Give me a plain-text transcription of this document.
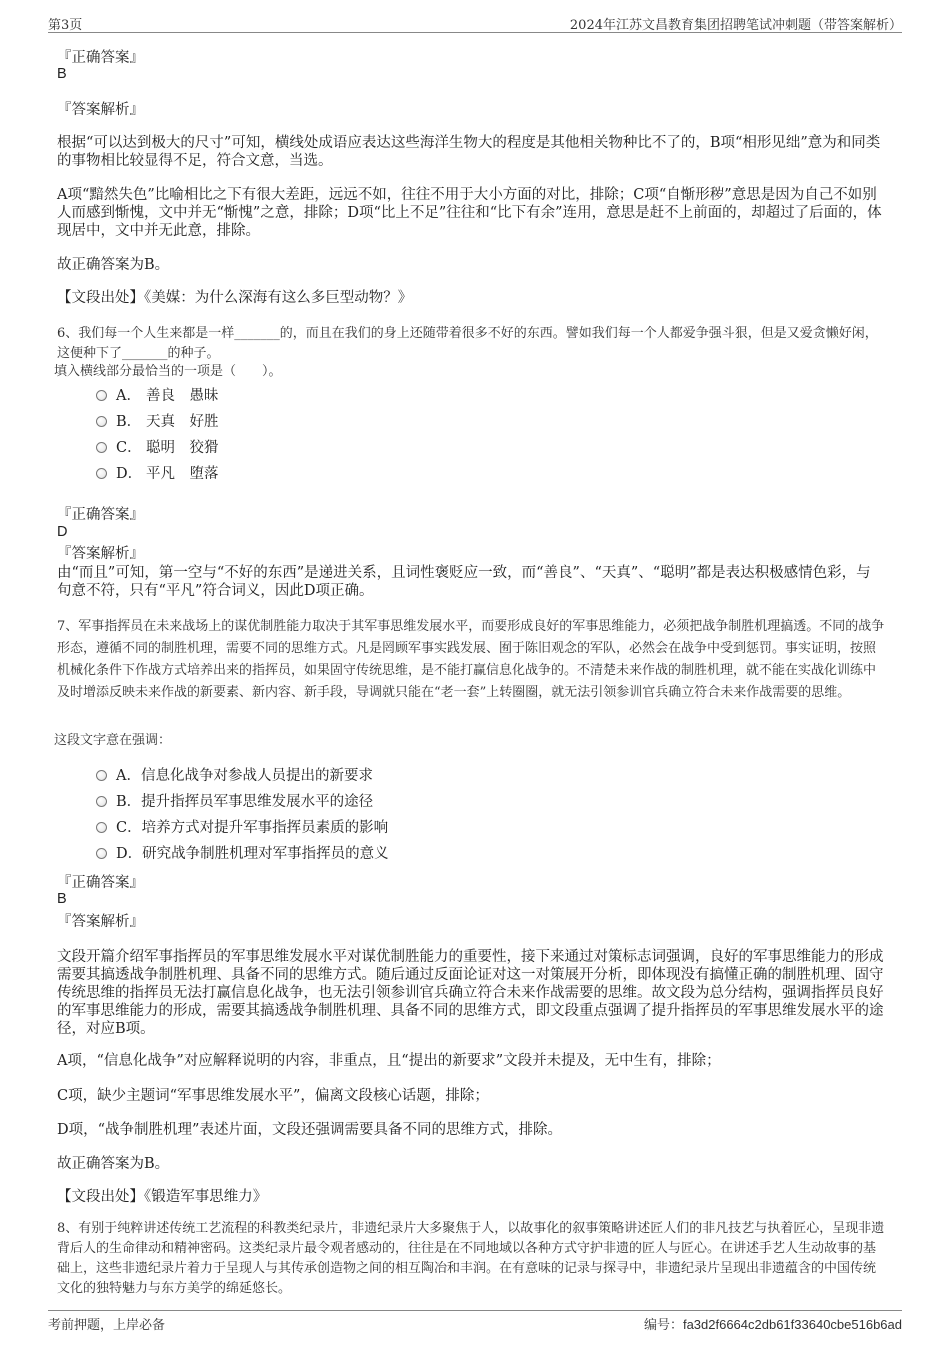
第3页	2024年江苏文昌教育集团招聘笔试冲刺题（带答案解析）
『正确答案』
B
『答案解析』
根据“可以达到极大的尺寸”可知，横线处成语应表达这些海洋生物大的程度是其他相关物种比不了的，B项“相形见绌”意为和同类的事物相比较显得不足，符合文意，当选。
A项“黯然失色”比喻相比之下有很大差距，远远不如，往往不用于大小方面的对比，排除；C项“自惭形秽”意思是因为自己不如别人而感到惭愧，文中并无“惭愧”之意，排除；D项“比上不足”往往和“比下有余”连用，意思是赶不上前面的，却超过了后面的，体现居中，文中并无此意，排除。
故正确答案为B。
【文段出处】《美媒：为什么深海有这么多巨型动物？》
6、我们每一个人生来都是一样_______的，而且在我们的身上还随带着很多不好的东西。譬如我们每一个人都爱争强斗狠，但是又爱贪懒好闲，这便种下了_______的种子。
填入横线部分最恰当的一项是（　　）。
A． 善良　愚昧
B． 天真　好胜
C． 聪明　狡猾
D． 平凡　堕落
『正确答案』
D
『答案解析』
由“而且”可知，第一空与“不好的东西”是递进关系，且词性褒贬应一致，而“善良”、“天真”、“聪明”都是表达积极感情色彩，与句意不符，只有“平凡”符合词义，因此D项正确。
7、军事指挥员在未来战场上的谋优制胜能力取决于其军事思维发展水平，而要形成良好的军事思维能力，必须把战争制胜机理搞透。不同的战争形态，遵循不同的制胜机理，需要不同的思维方式。凡是罔顾军事实践发展、囿于陈旧观念的军队，必然会在战争中受到惩罚。事实证明，按照机械化条件下作战方式培养出来的指挥员，如果固守传统思维，是不能打赢信息化战争的。不清楚未来作战的制胜机理，就不能在实战化训练中及时增添反映未来作战的新要素、新内容、新手段，导调就只能在“老一套”上转圈圈，就无法引领参训官兵确立符合未来作战需要的思维。
这段文字意在强调：
A．信息化战争对参战人员提出的新要求
B．提升指挥员军事思维发展水平的途径
C．培养方式对提升军事指挥员素质的影响
D．研究战争制胜机理对军事指挥员的意义
『正确答案』
B
『答案解析』
文段开篇介绍军事指挥员的军事思维发展水平对谋优制胜能力的重要性，接下来通过对策标志词强调，良好的军事思维能力的形成需要其搞透战争制胜机理、具备不同的思维方式。随后通过反面论证对这一对策展开分析，即体现没有搞懂正确的制胜机理、固守传统思维的指挥员无法打赢信息化战争，也无法引领参训官兵确立符合未来作战需要的思维。故文段为总分结构，强调指挥员良好的军事思维能力的形成，需要其搞透战争制胜机理、具备不同的思维方式，即文段重点强调了提升指挥员的军事思维发展水平的途径，对应B项。
A项，“信息化战争”对应解释说明的内容，非重点，且“提出的新要求”文段并未提及，无中生有，排除；
C项，缺少主题词“军事思维发展水平”，偏离文段核心话题，排除；
D项，“战争制胜机理”表述片面，文段还强调需要具备不同的思维方式，排除。
故正确答案为B。
【文段出处】《锻造军事思维力》
8、有别于纯粹讲述传统工艺流程的科教类纪录片，非遗纪录片大多聚焦于人，以故事化的叙事策略讲述匠人们的非凡技艺与执着匠心，呈现非遗背后人的生命律动和精神密码。这类纪录片最令观者感动的，往往是在不同地域以各种方式守护非遗的匠人与匠心。在讲述手艺人生动故事的基础上，这些非遗纪录片着力于呈现人与其传承创造物之间的相互陶冶和丰润。在有意味的记录与探寻中，非遗纪录片呈现出非遗蕴含的中国传统文化的独特魅力与东方美学的绵延悠长。
考前押题，上岸必备	编号：fa3d2f6664c2db61f33640cbe516b6ad
